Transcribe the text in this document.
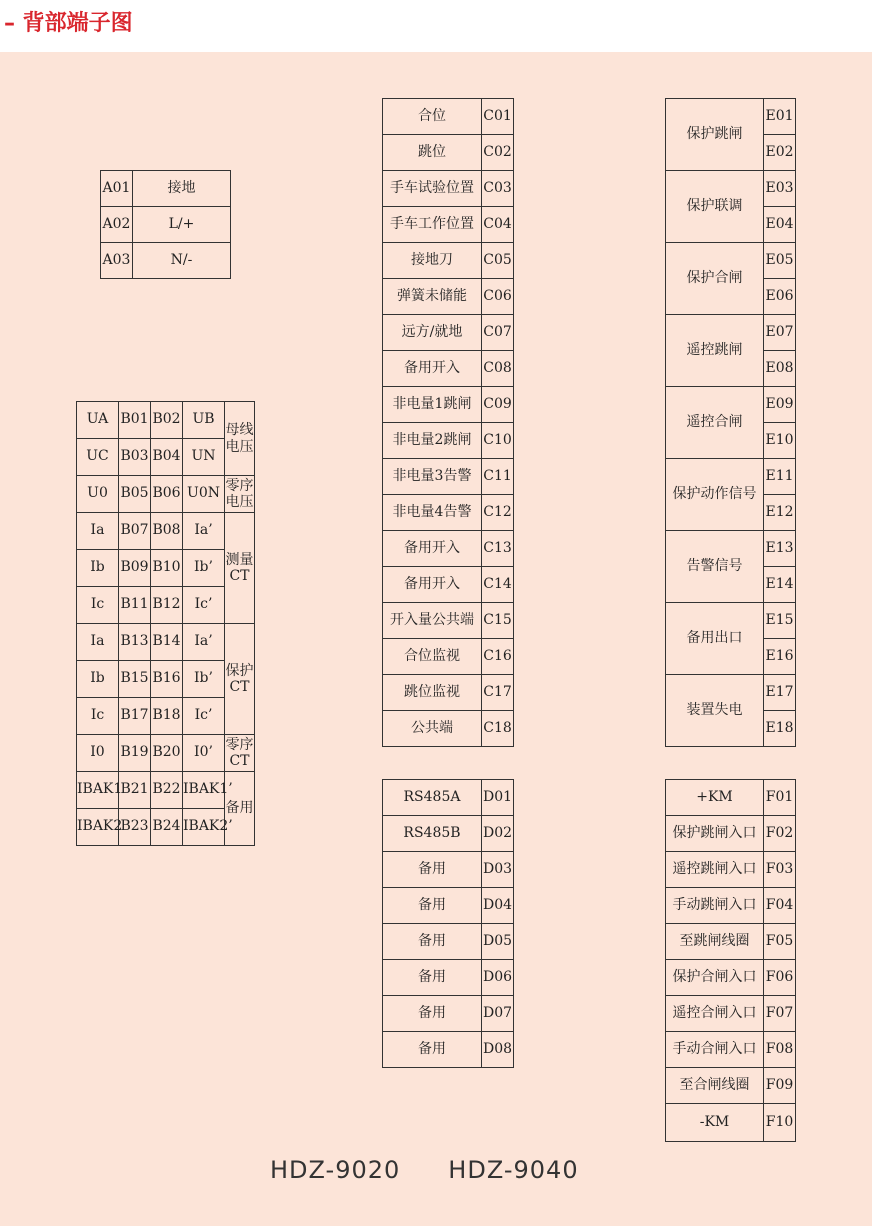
– 背部端子图
A01	接地
A02	L/+
A03	N/-
UA	B01	B02	UB	母线电压
UC	B03	B04	UN	
U0	B05	B06	U0N	零序电压
Ia	B07	B08	Ia’	测量CT
Ib	B09	B10	Ib’	
Ic	B11	B12	Ic’	
Ia	B13	B14	Ia’	保护CT
Ib	B15	B16	Ib’	
Ic	B17	B18	Ic’	
I0	B19	B20	I0’	零序CT
IBAK1	B21	B22	IBAK1’	备用
IBAK2	B23	B24	IBAK2’	
合位	C01
跳位	C02
手车试验位置	C03
手车工作位置	C04
接地刀	C05
弹簧未储能	C06
远方/就地	C07
备用开入	C08
非电量1跳闸	C09
非电量2跳闸	C10
非电量3告警	C11
非电量4告警	C12
备用开入	C13
备用开入	C14
开入量公共端	C15
合位监视	C16
跳位监视	C17
公共端	C18
RS485A	D01
RS485B	D02
备用	D03
备用	D04
备用	D05
备用	D06
备用	D07
备用	D08
保护跳闸	E01
	E02
保护联调	E03
	E04
保护合闸	E05
	E06
遥控跳闸	E07
	E08
遥控合闸	E09
	E10
保护动作信号	E11
	E12
告警信号	E13
	E14
备用出口	E15
	E16
装置失电	E17
	E18
+KM	F01
保护跳闸入口	F02
遥控跳闸入口	F03
手动跳闸入口	F04
至跳闸线圈	F05
保护合闸入口	F06
遥控合闸入口	F07
手动合闸入口	F08
至合闸线圈	F09
-KM	F10
HDZ-9020 HDZ-9040
